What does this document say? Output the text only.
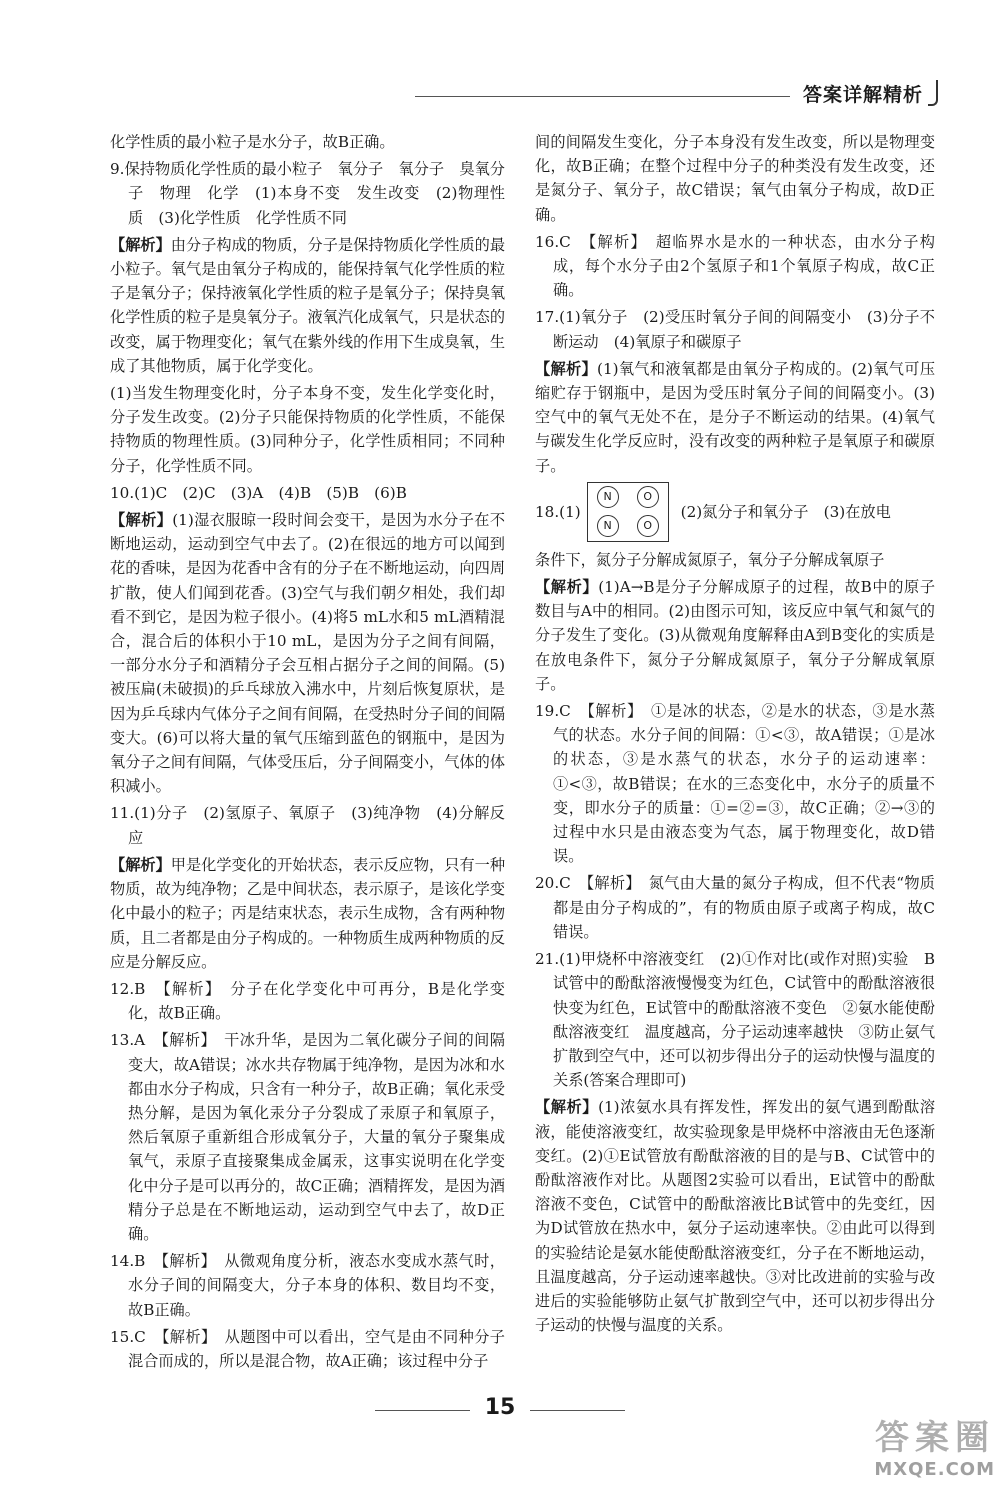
答案详解精析
化学性质的最小粒子是水分子，故B正确。
9.保持物质化学性质的最小粒子　氧分子　氧分子　臭氧分子　物理　化学　(1)本身不变　发生改变　(2)物理性质　(3)化学性质　化学性质不同
【解析】由分子构成的物质，分子是保持物质化学性质的最小粒子。氧气是由氧分子构成的，能保持氧气化学性质的粒子是氧分子；保持液氧化学性质的粒子是氧分子；保持臭氧化学性质的粒子是臭氧分子。液氧汽化成氧气，只是状态的改变，属于物理变化；氧气在紫外线的作用下生成臭氧，生成了其他物质，属于化学变化。
(1)当发生物理变化时，分子本身不变，发生化学变化时，分子发生改变。(2)分子只能保持物质的化学性质，不能保持物质的物理性质。(3)同种分子，化学性质相同；不同种分子，化学性质不同。
10.(1)C　(2)C　(3)A　(4)B　(5)B　(6)B
【解析】(1)湿衣服晾一段时间会变干，是因为水分子在不断地运动，运动到空气中去了。(2)在很远的地方可以闻到花的香味，是因为花香中含有的分子在不断地运动，向四周扩散，使人们闻到花香。(3)空气与我们朝夕相处，我们却看不到它，是因为粒子很小。(4)将5 mL水和5 mL酒精混合，混合后的体积小于10 mL，是因为分子之间有间隔，一部分水分子和酒精分子会互相占据分子之间的间隔。(5)被压扁(未破损)的乒乓球放入沸水中，片刻后恢复原状，是因为乒乓球内气体分子之间有间隔，在受热时分子间的间隔变大。(6)可以将大量的氧气压缩到蓝色的钢瓶中，是因为氧分子之间有间隔，气体受压后，分子间隔变小，气体的体积减小。
11.(1)分子　(2)氢原子、氧原子　(3)纯净物　(4)分解反应
【解析】甲是化学变化的开始状态，表示反应物，只有一种物质，故为纯净物；乙是中间状态，表示原子，是该化学变化中最小的粒子；丙是结束状态，表示生成物，含有两种物质，且二者都是由分子构成的。一种物质生成两种物质的反应是分解反应。
12.B　【解析】　分子在化学变化中可再分，B是化学变化，故B正确。
13.A　【解析】　干冰升华，是因为二氧化碳分子间的间隔变大，故A错误；冰水共存物属于纯净物，是因为冰和水都由水分子构成，只含有一种分子，故B正确；氧化汞受热分解，是因为氧化汞分子分裂成了汞原子和氧原子，然后氧原子重新组合形成氧分子，大量的氧分子聚集成氧气，汞原子直接聚集成金属汞，这事实说明在化学变化中分子是可以再分的，故C正确；酒精挥发，是因为酒精分子总是在不断地运动，运动到空气中去了，故D正确。
14.B　【解析】　从微观角度分析，液态水变成水蒸气时，水分子间的间隔变大，分子本身的体积、数目均不变，故B正确。
15.C　【解析】　从题图中可以看出，空气是由不同种分子混合而成的，所以是混合物，故A正确；该过程中分子
间的间隔发生变化，分子本身没有发生改变，所以是物理变化，故B正确；在整个过程中分子的种类没有发生改变，还是氮分子、氧分子，故C错误；氧气由氧分子构成，故D正确。
16.C　【解析】　超临界水是水的一种状态，由水分子构成，每个水分子由2个氢原子和1个氧原子构成，故C正确。
17.(1)氧分子　(2)受压时氧分子间的间隔变小　(3)分子不断运动　(4)氧原子和碳原子
【解析】(1)氧气和液氧都是由氧分子构成的。(2)氧气可压缩贮存于钢瓶中，是因为受压时氧分子间的间隔变小。(3)空气中的氧气无处不在，是分子不断运动的结果。(4)氧气与碳发生化学反应时，没有改变的两种粒子是氧原子和碳原子。
18.(1)
N	O
N	O
(2)氮分子和氧分子　(3)在放电
条件下，氮分子分解成氮原子，氧分子分解成氧原子
【解析】(1)A→B是分子分解成原子的过程，故B中的原子数目与A中的相同。(2)由图示可知，该反应中氧气和氮气的分子发生了变化。(3)从微观角度解释由A到B变化的实质是在放电条件下，氮分子分解成氮原子，氧分子分解成氧原子。
19.C　【解析】　①是冰的状态，②是水的状态，③是水蒸气的状态。水分子间的间隔：①<③，故A错误；①是冰的状态，③是水蒸气的状态，水分子的运动速率：①<③，故B错误；在水的三态变化中，水分子的质量不变，即水分子的质量：①=②=③，故C正确；②→③的过程中水只是由液态变为气态，属于物理变化，故D错误。
20.C　【解析】　氮气由大量的氮分子构成，但不代表“物质都是由分子构成的”，有的物质由原子或离子构成，故C错误。
21.(1)甲烧杯中溶液变红　(2)①作对比(或作对照)实验　B试管中的酚酞溶液慢慢变为红色，C试管中的酚酞溶液很快变为红色，E试管中的酚酞溶液不变色　②氨水能使酚酞溶液变红　温度越高，分子运动速率越快　③防止氨气扩散到空气中，还可以初步得出分子的运动快慢与温度的关系(答案合理即可)
【解析】(1)浓氨水具有挥发性，挥发出的氨气遇到酚酞溶液，能使溶液变红，故实验现象是甲烧杯中溶液由无色逐渐变红。(2)①E试管放有酚酞溶液的目的是与B、C试管中的酚酞溶液作对比。从题图2实验可以看出，E试管中的酚酞溶液不变色，C试管中的酚酞溶液比B试管中的先变红，因为D试管放在热水中，氨分子运动速率快。②由此可以得到的实验结论是氨水能使酚酞溶液变红，分子在不断地运动，且温度越高，分子运动速率越快。③对比改进前的实验与改进后的实验能够防止氨气扩散到空气中，还可以初步得出分子运动的快慢与温度的关系。
15
答案圈
MXQE.COM
